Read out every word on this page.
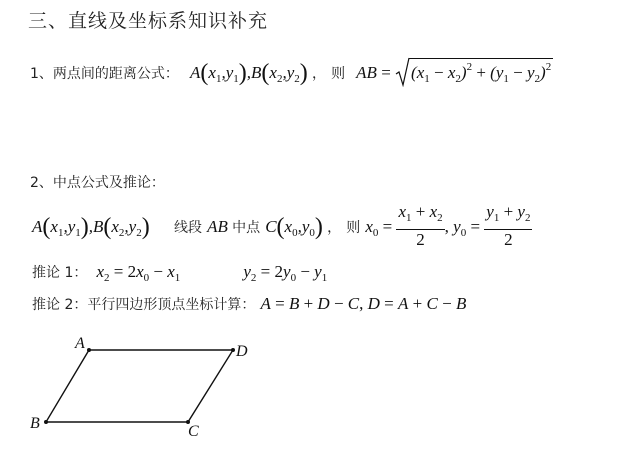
三、直线及坐标系知识补充
1、两点间的距离公式： $A(x_1,y_1),B(x_2,y_2)$ ， 则 AB =
$(x_1 - x_2)^2 + (y_1 - y_2)^2$
2、中点公式及推论：
$A(x_1,y_1),B(x_2,y_2)$ 线段 AB 中点 $C(x_0,y_0)$ ， 则 $x_0 = \frac{x_1 + x_2}{2}$ , $y_0 = \frac{y_1 + y_2}{2}$
推论 1： $x_2 = 2x_0 - x_1$	$y_2 = 2y_0 - y_1$
推论 2：平行四边形顶点坐标计算： A = B + D − C, D = A + C − B
A	D
B	C
